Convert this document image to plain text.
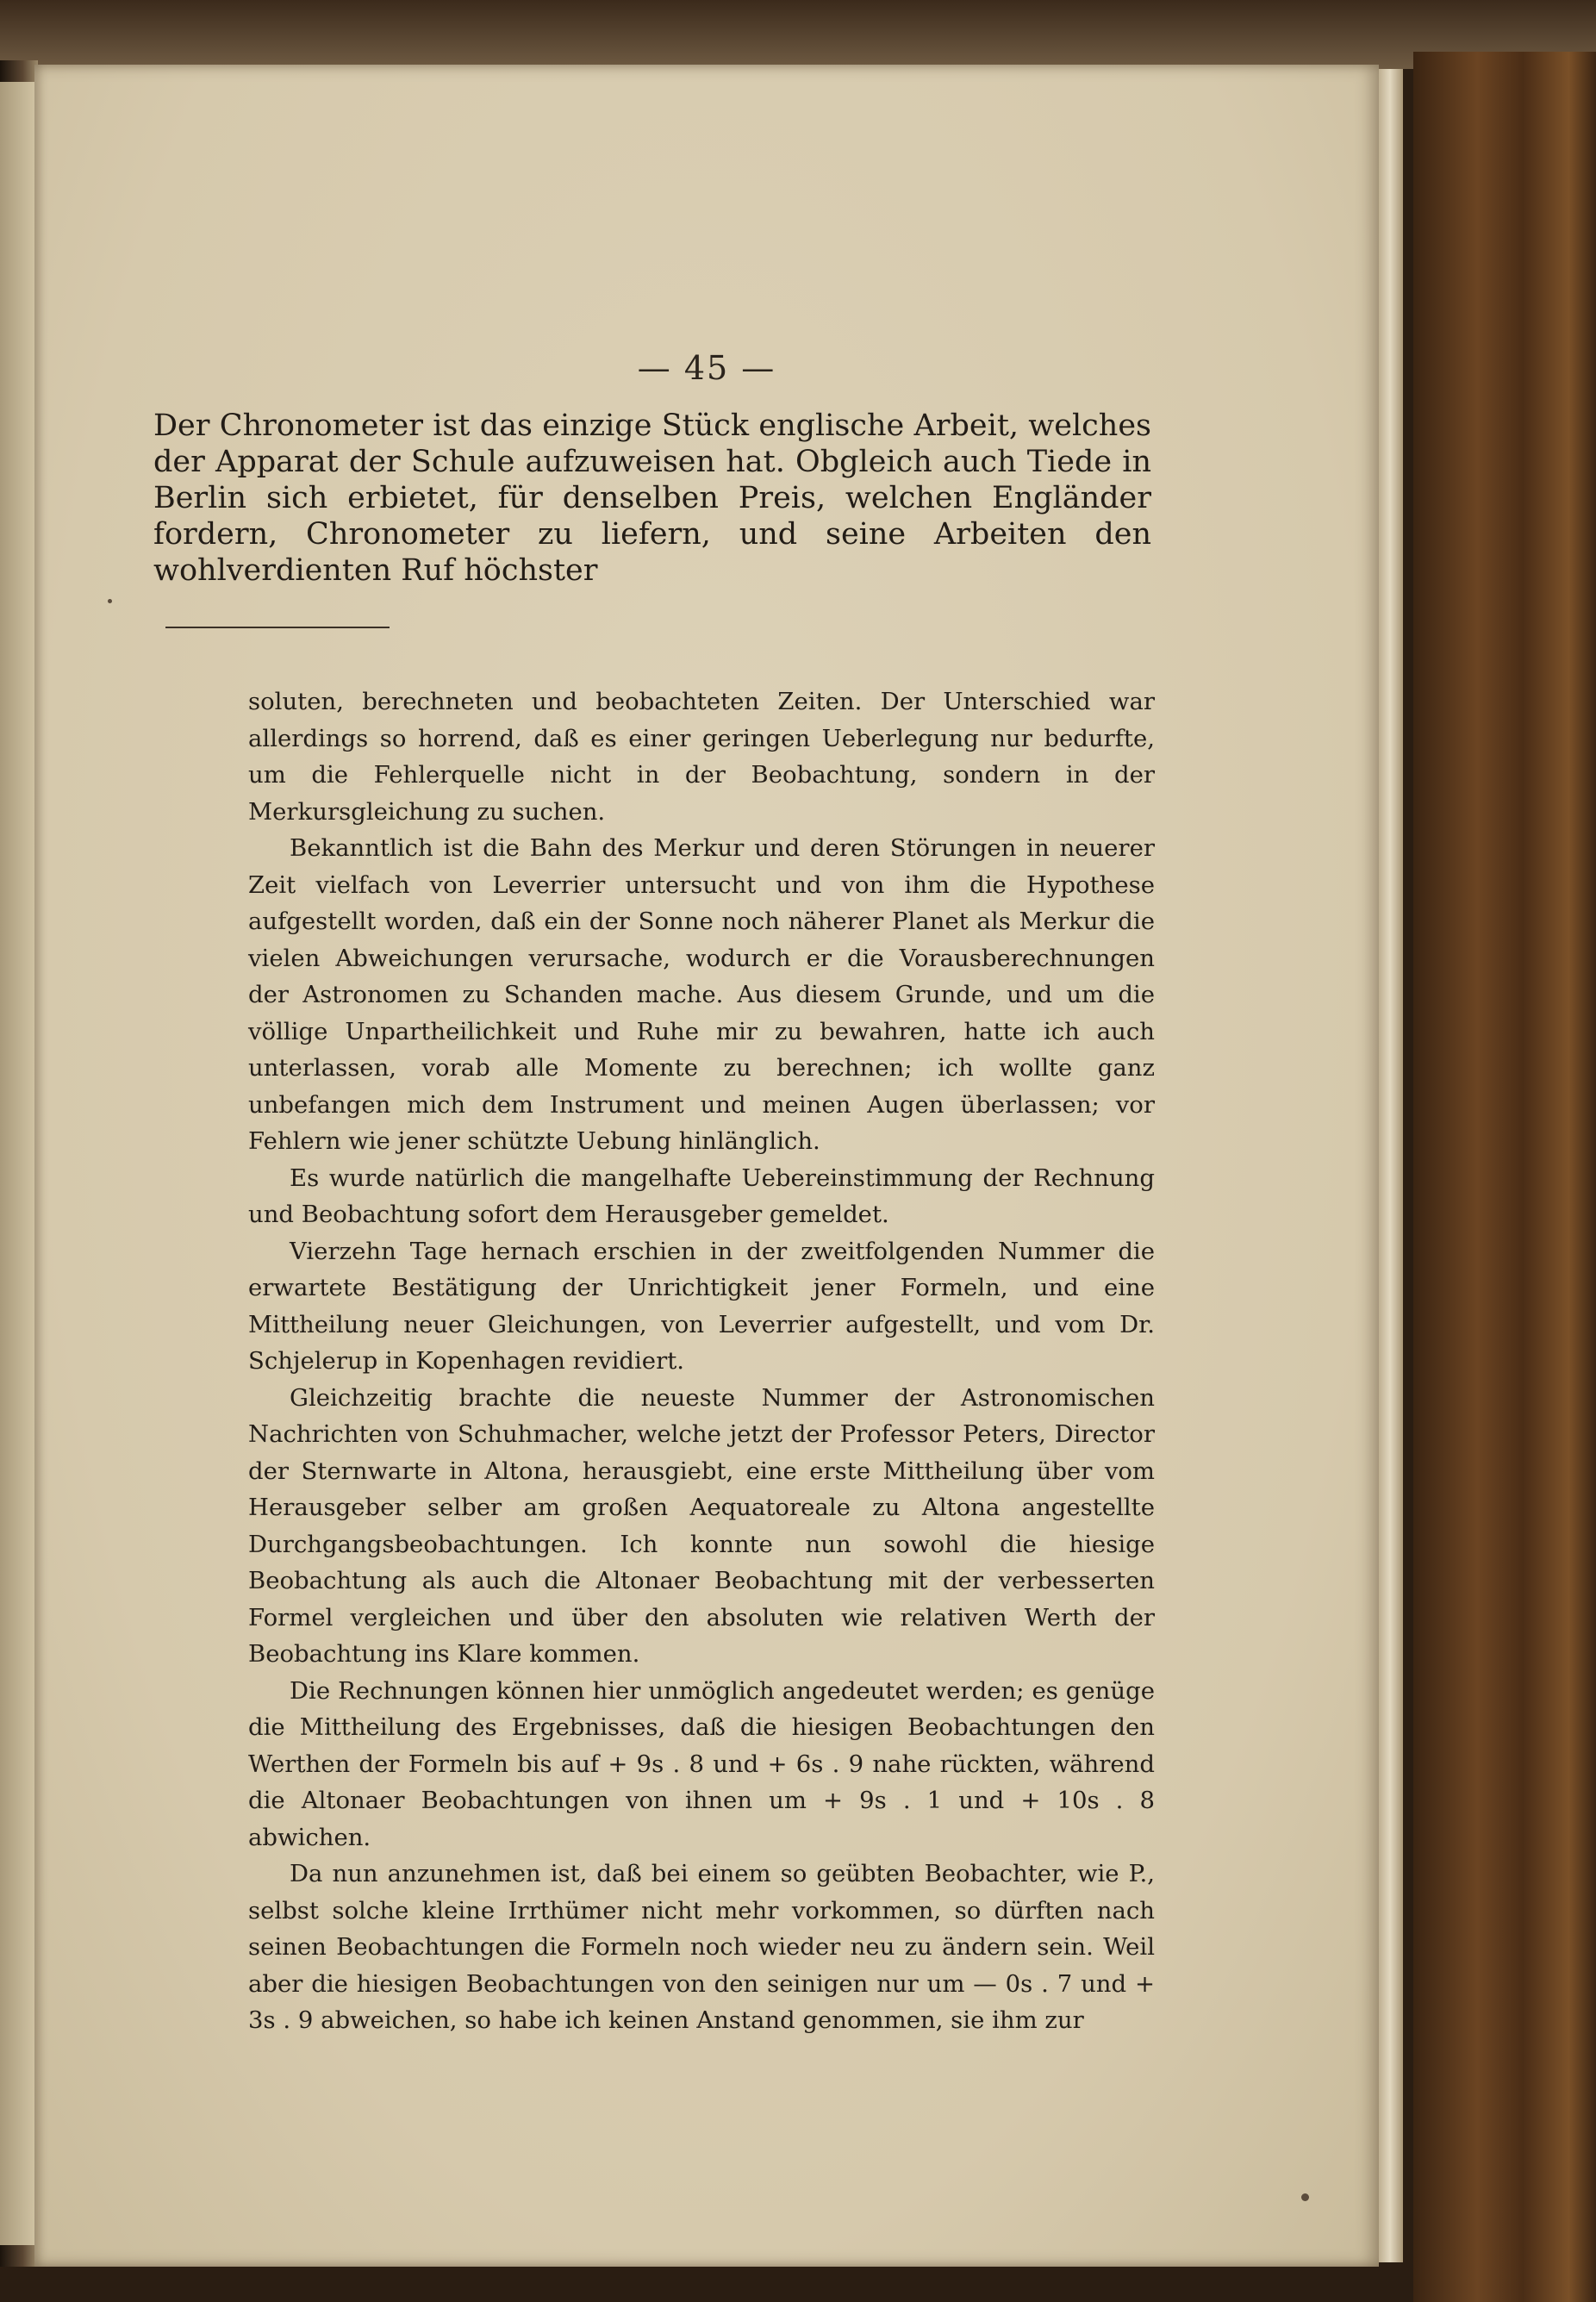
— 45 —
Der Chronometer ist das einzige Stück englische Arbeit, welches der Apparat der Schule aufzuweisen hat. Obgleich auch Tiede in Berlin sich erbietet, für denselben Preis, welchen Engländer fordern, Chronometer zu liefern, und seine Arbeiten den wohlverdienten Ruf höchster

soluten, berechneten und beobachteten Zeiten. Der Unterschied war allerdings so horrend, daß es einer geringen Ueberlegung nur bedurfte, um die Fehlerquelle nicht in der Beobachtung, sondern in der Merkursgleichung zu suchen.

Bekanntlich ist die Bahn des Merkur und deren Störungen in neuerer Zeit vielfach von Leverrier untersucht und von ihm die Hypothese aufgestellt worden, daß ein der Sonne noch näherer Planet als Merkur die vielen Abweichungen verursache, wodurch er die Vorausberechnungen der Astronomen zu Schanden mache. Aus diesem Grunde, und um die völlige Unpartheilichkeit und Ruhe mir zu bewahren, hatte ich auch unterlassen, vorab alle Momente zu berechnen; ich wollte ganz unbefangen mich dem Instrument und meinen Augen überlassen; vor Fehlern wie jener schützte Uebung hinlänglich.

Es wurde natürlich die mangelhafte Uebereinstimmung der Rechnung und Beobachtung sofort dem Herausgeber gemeldet.

Vierzehn Tage hernach erschien in der zweitfolgenden Nummer die erwartete Bestätigung der Unrichtigkeit jener Formeln, und eine Mittheilung neuer Gleichungen, von Leverrier aufgestellt, und vom Dr. Schjelerup in Kopenhagen revidiert.

Gleichzeitig brachte die neueste Nummer der Astronomischen Nachrichten von Schuhmacher, welche jetzt der Professor Peters, Director der Sternwarte in Altona, herausgiebt, eine erste Mittheilung über vom Herausgeber selber am großen Aequatoreale zu Altona angestellte Durchgangsbeobachtungen. Ich konnte nun sowohl die hiesige Beobachtung als auch die Altonaer Beobachtung mit der verbesserten Formel vergleichen und über den absoluten wie relativen Werth der Beobachtung ins Klare kommen.

Die Rechnungen können hier unmöglich angedeutet werden; es genüge die Mittheilung des Ergebnisses, daß die hiesigen Beobachtungen den Werthen der Formeln bis auf + 9s . 8 und + 6s . 9 nahe rückten, während die Altonaer Beobachtungen von ihnen um + 9s . 1 und + 10s . 8 abwichen.

Da nun anzunehmen ist, daß bei einem so geübten Beobachter, wie P., selbst solche kleine Irrthümer nicht mehr vorkommen, so dürften nach seinen Beobachtungen die Formeln noch wieder neu zu ändern sein. Weil aber die hiesigen Beobachtungen von den seinigen nur um — 0s . 7 und + 3s . 9 abweichen, so habe ich keinen Anstand genommen, sie ihm zur
